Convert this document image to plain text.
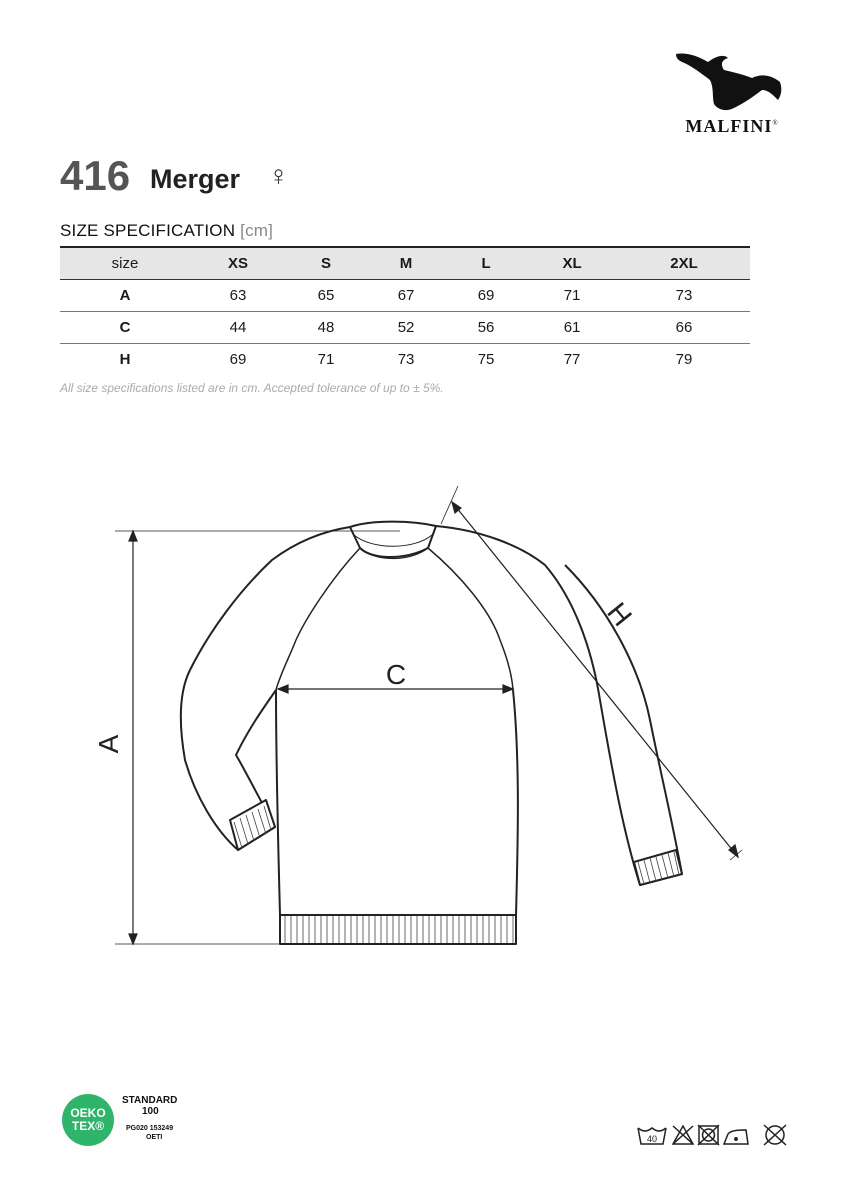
MALFINI®
416 Merger ♀
SIZE SPECIFICATION [cm]
size	XS	S	M	L	XL	2XL
A	63	65	67	69	71	73
C	44	48	52	56	61	66
H	69	71	73	75	77	79
All size specifications listed are in cm. Accepted tolerance of up to ± 5%.
C
A
H
OEKO
TEX®
STANDARD
100
PG020 153249
OETI	40
